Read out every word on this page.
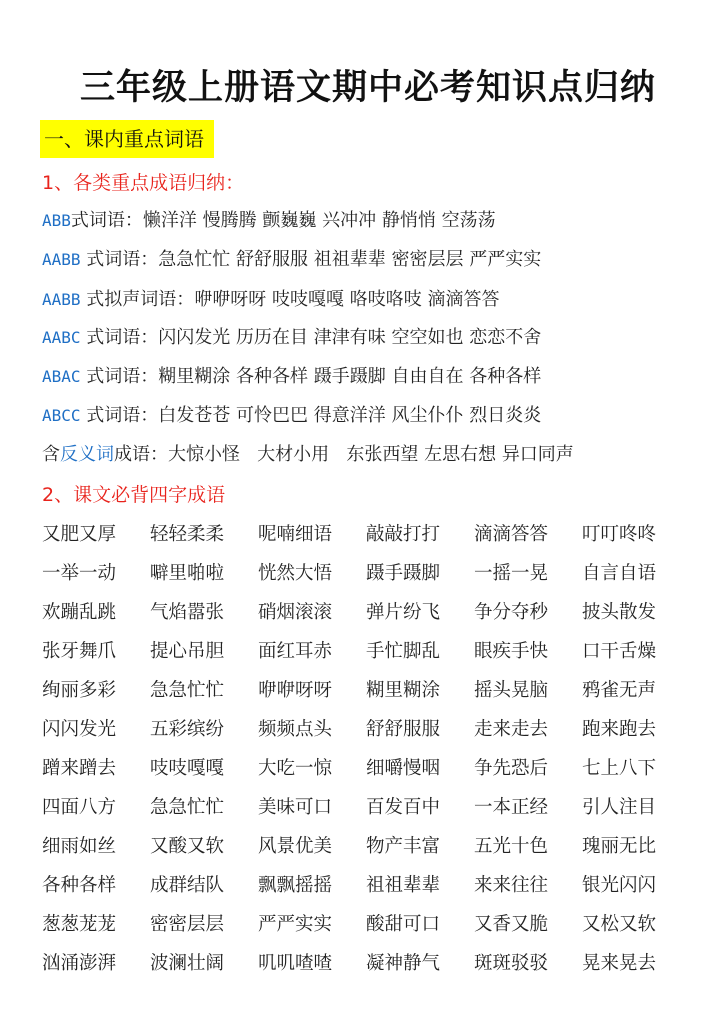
三年级上册语文期中必考知识点归纳
一、课内重点词语
1、各类重点成语归纳：
ABB式词语：懒洋洋 慢腾腾 颤巍巍 兴冲冲 静悄悄 空荡荡
AABB 式词语：急急忙忙 舒舒服服 祖祖辈辈 密密层层 严严实实
AABB 式拟声词语：咿咿呀呀 吱吱嘎嘎 咯吱咯吱 滴滴答答
AABC 式词语：闪闪发光 历历在目 津津有味 空空如也 恋恋不舍
ABAC 式词语：糊里糊涂 各种各样 蹑手蹑脚 自由自在 各种各样
ABCC 式词语：白发苍苍 可怜巴巴 得意洋洋 风尘仆仆 烈日炎炎
含反义词成语：大惊小怪 大材小用 东张西望 左思右想 异口同声
2、课文必背四字成语
又肥又厚	轻轻柔柔	呢喃细语	敲敲打打	滴滴答答	叮叮咚咚
一举一动	噼里啪啦	恍然大悟	蹑手蹑脚	一摇一晃	自言自语
欢蹦乱跳	气焰嚣张	硝烟滚滚	弹片纷飞	争分夺秒	披头散发
张牙舞爪	提心吊胆	面红耳赤	手忙脚乱	眼疾手快	口干舌燥
绚丽多彩	急急忙忙	咿咿呀呀	糊里糊涂	摇头晃脑	鸦雀无声
闪闪发光	五彩缤纷	频频点头	舒舒服服	走来走去	跑来跑去
蹭来蹭去	吱吱嘎嘎	大吃一惊	细嚼慢咽	争先恐后	七上八下
四面八方	急急忙忙	美味可口	百发百中	一本正经	引人注目
细雨如丝	又酸又软	风景优美	物产丰富	五光十色	瑰丽无比
各种各样	成群结队	飘飘摇摇	祖祖辈辈	来来往往	银光闪闪
葱葱茏茏	密密层层	严严实实	酸甜可口	又香又脆	又松又软
汹涌澎湃	波澜壮阔	叽叽喳喳	凝神静气	斑斑驳驳	晃来晃去
